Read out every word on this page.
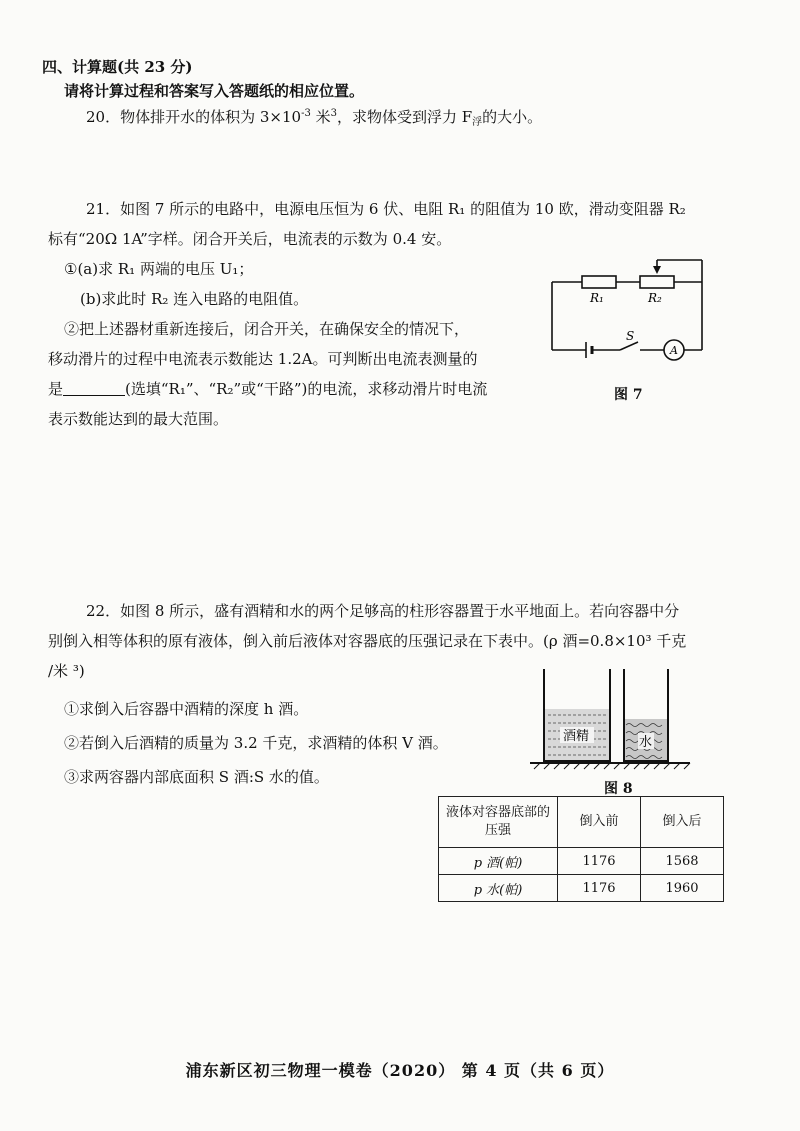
四、计算题(共 23 分)
请将计算过程和答案写入答题纸的相应位置。
20．物体排开水的体积为 $3\times 10^{-3}$ 米$^3$，求物体受到浮力 $F_浮$的大小。
21．如图 7 所示的电路中，电源电压恒为 6 伏、电阻 R₁ 的阻值为 10 欧，滑动变阻器 R₂
标有“20Ω 1A”字样。闭合开关后，电流表的示数为 0.4 安。
①(a)求 R₁ 两端的电压 U₁；
(b)求此时 R₂ 连入电路的电阻值。
②把上述器材重新连接后，闭合开关，在确保安全的情况下，
移动滑片的过程中电流表示数能达 1.2A。可判断出电流表测量的
是	(选填“R₁”、“R₂”或“干路”)的电流，求移动滑片时电流
表示数能达到的最大范围。
R₁	R₂
S
A
图 7
22．如图 8 所示，盛有酒精和水的两个足够高的柱形容器置于水平地面上。若向容器中分
别倒入相等体积的原有液体，倒入前后液体对容器底的压强记录在下表中。(ρ 酒=0.8×10³ 千克
/米 ³)
①求倒入后容器中酒精的深度 h 酒。
②若倒入后酒精的质量为 3.2 千克，求酒精的体积 V 酒。
③求两容器内部底面积 S 酒:S 水的值。
酒精	水
图 8
液体对容器底部的压强	倒入前	倒入后
p 酒(帕)	1176	1568
p 水(帕)	1176	1960
浦东新区初三物理一模卷（2020） 第 4 页（共 6 页）
